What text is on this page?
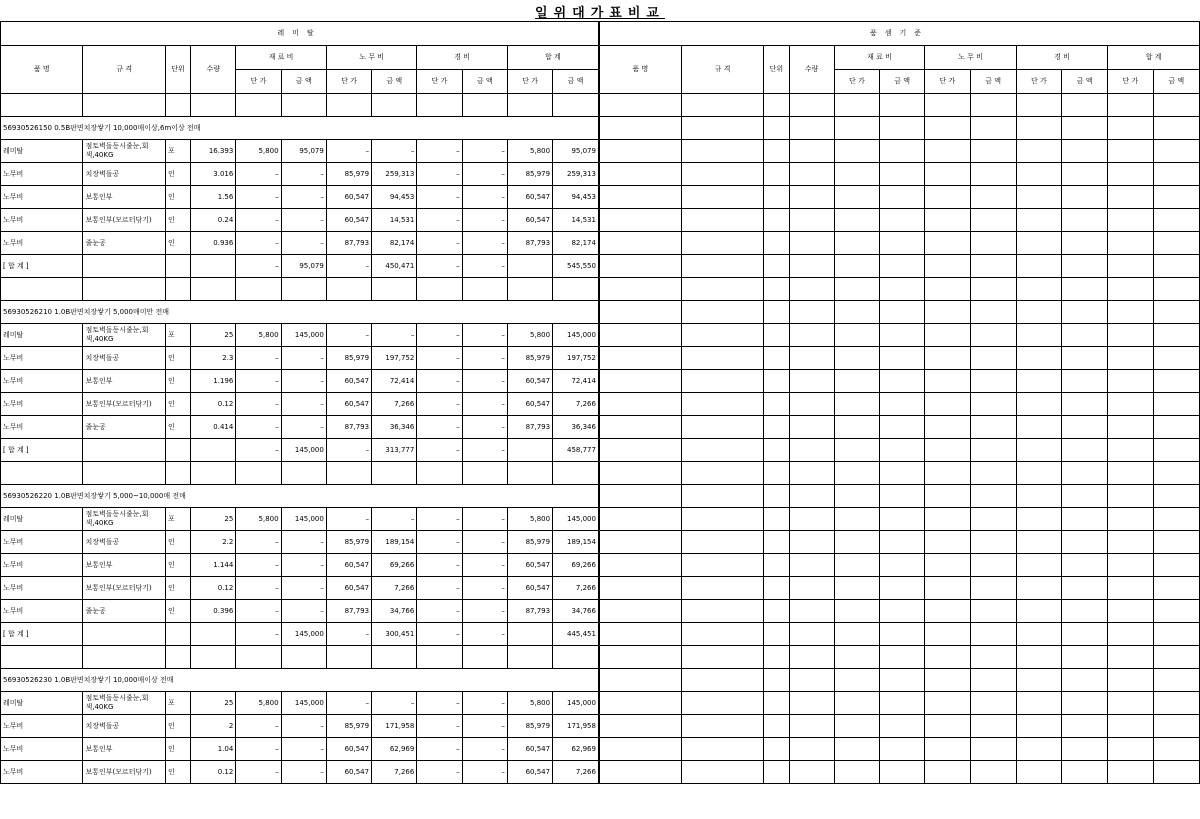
일위대가표비교
레미탈												품셈기준											
품 명	규 격	단위	수량	재 료 비		노 무 비		경 비		합 계		품 명	규 격	단위	수량	재 료 비		노 무 비		경 비		합 계	
				단 가	금 액	단 가	금 액	단 가	금 액	단 가	금 액					단 가	금 액	단 가	금 액	단 가	금 액	단 가	금 액

56930526150 0.5B판면치장쌓기 10,000매이상,6m이상 전매																							
레미탈	점토벽돌동시줄눈,회색,40KG	포	16.393	5,800	95,079	–	–	–	–	5,800	95,079												
노무비	치장벽돌공	인	3.016	–	–	85,979	259,313	–	–	85,979	259,313												
노무비	보통인부	인	1.56	–	–	60,547	94,453	–	–	60,547	94,453												
노무비	보통인부(모르터닦기)	인	0.24	–	–	60,547	14,531	–	–	60,547	14,531												
노무비	줄눈공	인	0.936	–	–	87,793	82,174	–	–	87,793	82,174												
[ 합 계 ]				–	95,079	–	450,471	–	–		545,550												

56930526210 1.0B판면치장쌓기 5,000매미만 전매																							
레미탈	점토벽돌동시줄눈,회색,40KG	포	25	5,800	145,000	–	–	–	–	5,800	145,000												
노무비	치장벽돌공	인	2.3	–	–	85,979	197,752	–	–	85,979	197,752												
노무비	보통인부	인	1.196	–	–	60,547	72,414	–	–	60,547	72,414												
노무비	보통인부(모르터닦기)	인	0.12	–	–	60,547	7,266	–	–	60,547	7,266												
노무비	줄눈공	인	0.414	–	–	87,793	36,346	–	–	87,793	36,346												
[ 합 계 ]				–	145,000	–	313,777	–	–		458,777												

56930526220 1.0B판면치장쌓기 5,000~10,000매 전매																							
레미탈	점토벽돌동시줄눈,회색,40KG	포	25	5,800	145,000	–	–	–	–	5,800	145,000												
노무비	치장벽돌공	인	2.2	–	–	85,979	189,154	–	–	85,979	189,154												
노무비	보통인부	인	1.144	–	–	60,547	69,266	–	–	60,547	69,266												
노무비	보통인부(모르터닦기)	인	0.12	–	–	60,547	7,266	–	–	60,547	7,266												
노무비	줄눈공	인	0.396	–	–	87,793	34,766	–	–	87,793	34,766												
[ 합 계 ]				–	145,000	–	300,451	–	–		445,451												

56930526230 1.0B판면치장쌓기 10,000매이상 전매																							
레미탈	점토벽돌동시줄눈,회색,40KG	포	25	5,800	145,000	–	–	–	–	5,800	145,000												
노무비	치장벽돌공	인	2	–	–	85,979	171,958	–	–	85,979	171,958												
노무비	보통인부	인	1.04	–	–	60,547	62,969	–	–	60,547	62,969												
노무비	보통인부(모르터닦기)	인	0.12	–	–	60,547	7,266	–	–	60,547	7,266												
